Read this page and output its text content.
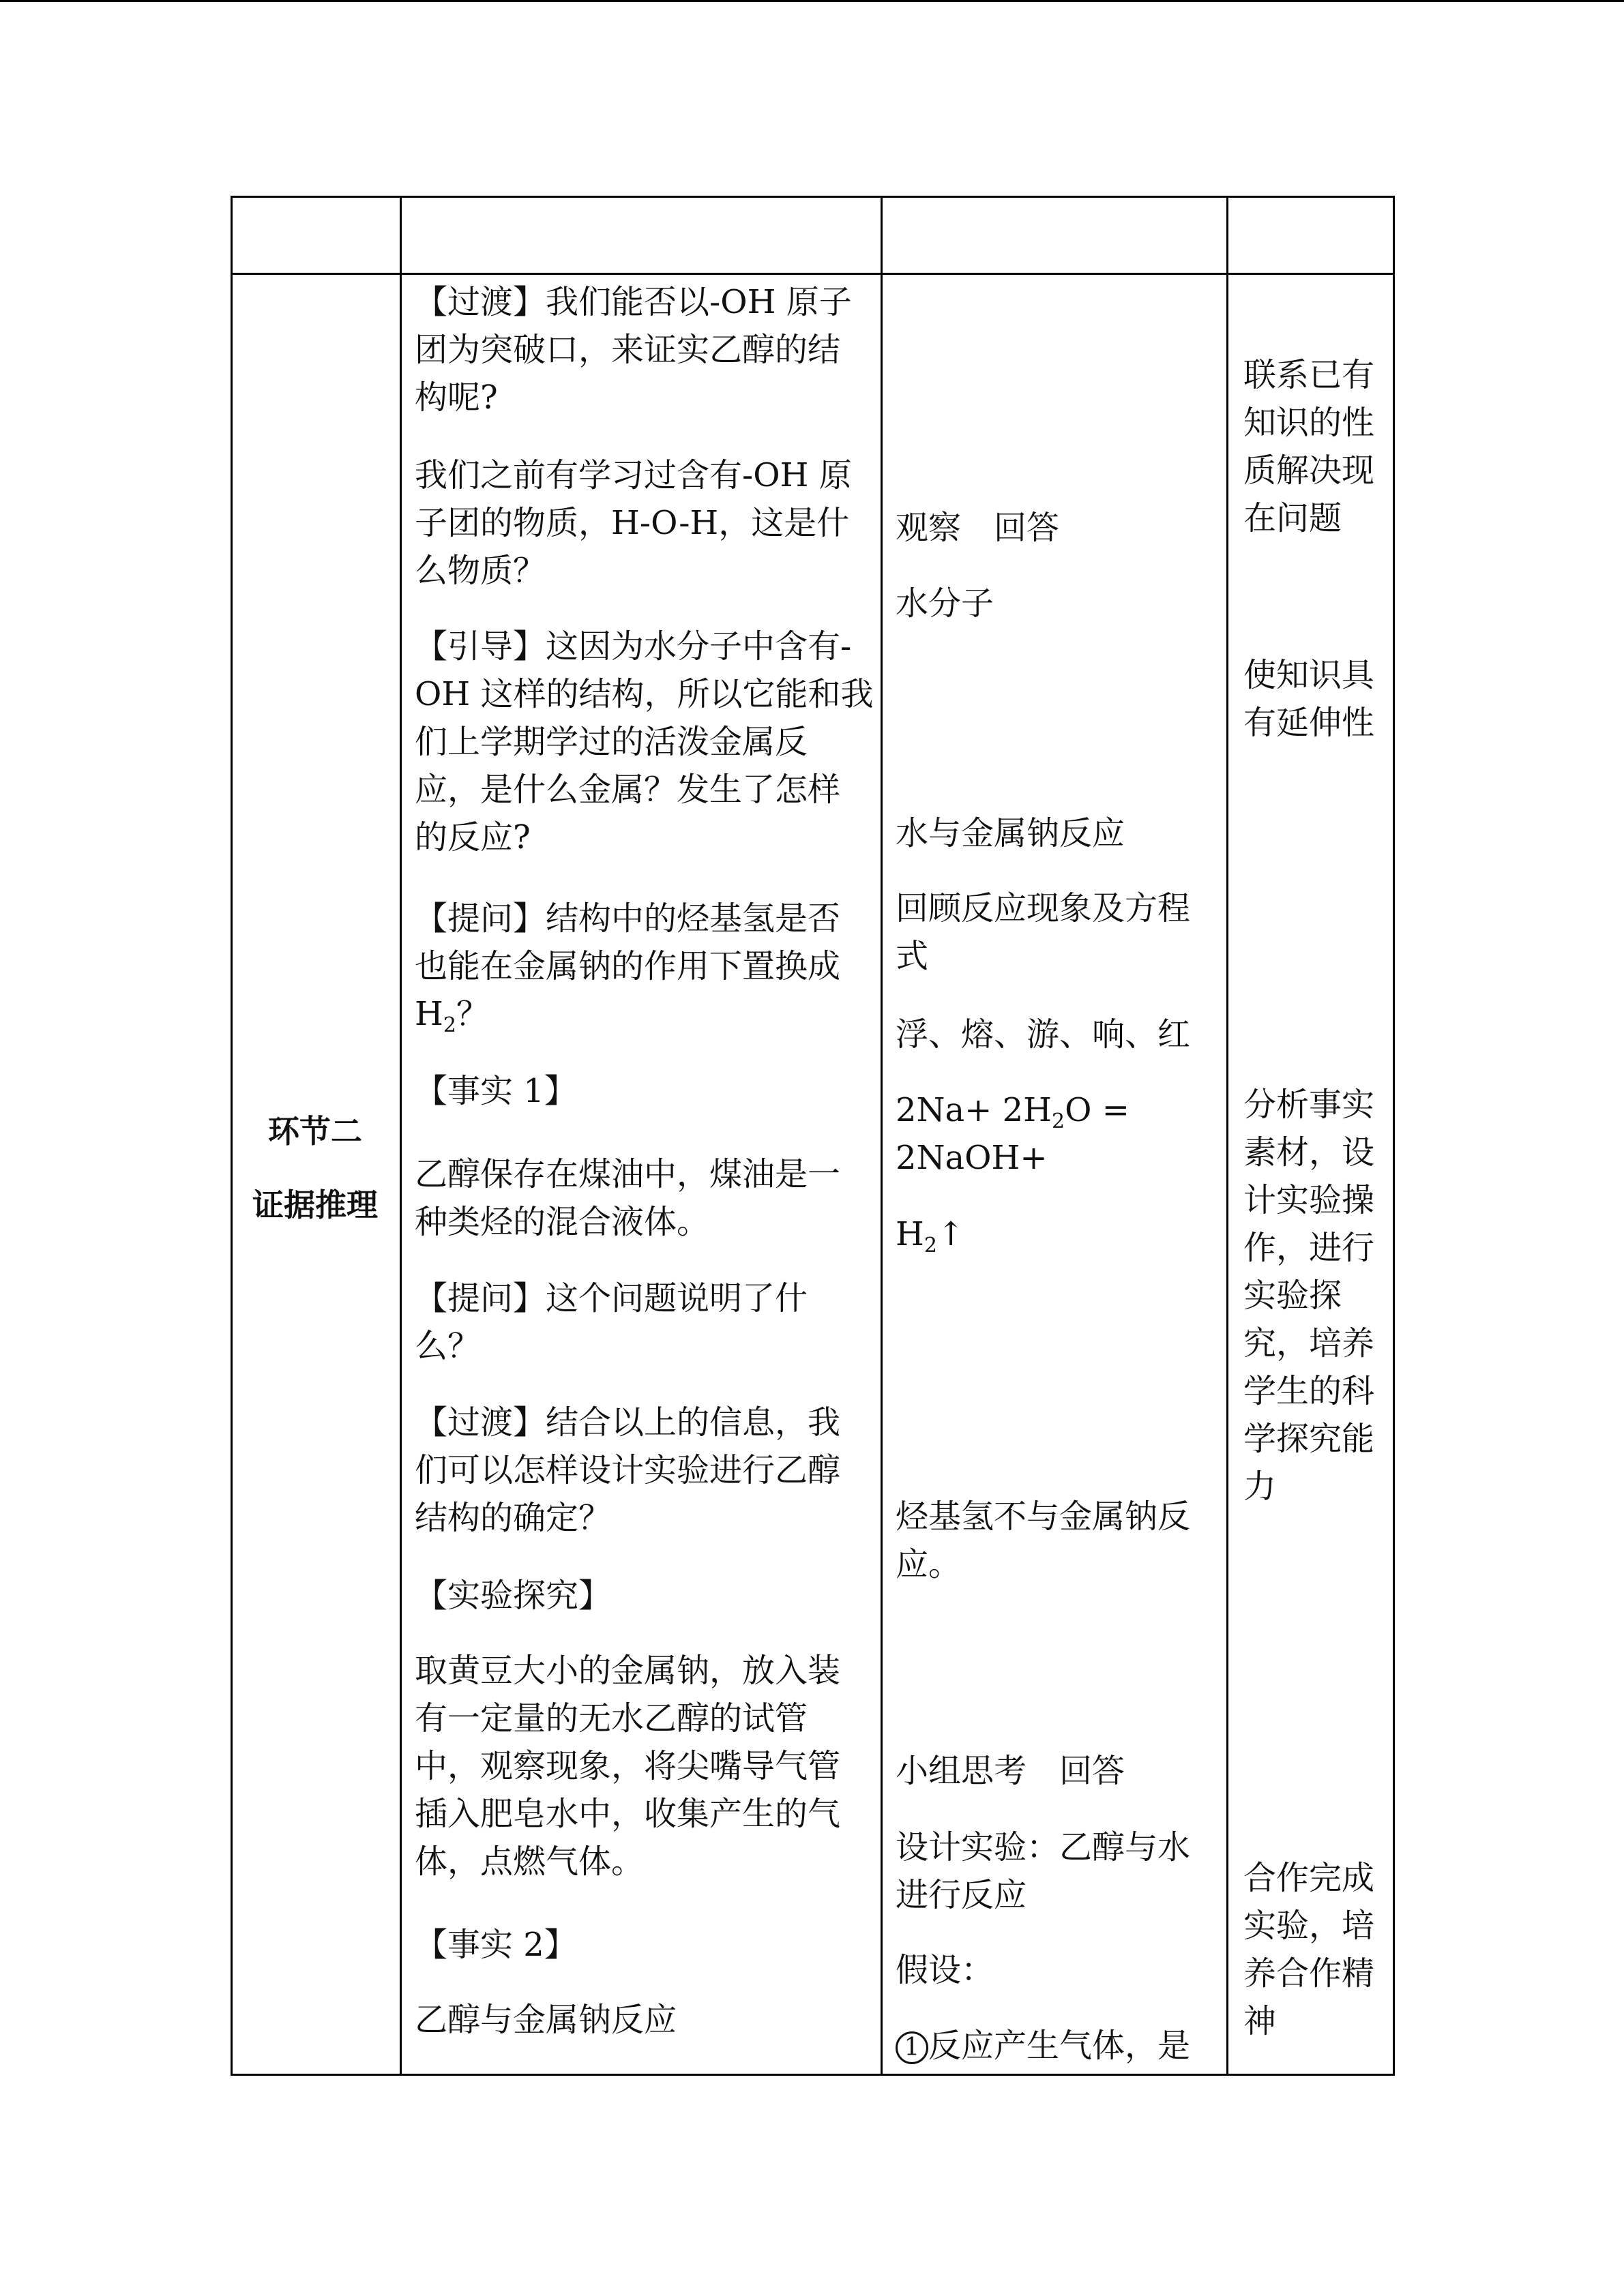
环节二
证据推理

【过渡】我们能否以-OH 原子

团为突破口，来证实乙醇的结

构呢?

我们之前有学习过含有-OH 原

子团的物质，H-O-H，这是什

么物质？

【引导】这因为水分子中含有-

OH 这样的结构，所以它能和我

们上学期学过的活泼金属反

应，是什么金属？发生了怎样

的反应?

【提问】结构中的烃基氢是否

也能在金属钠的作用下置换成

$H_2$？

【事实 1】

乙醇保存在煤油中，煤油是一

种类烃的混合液体。

【提问】这个问题说明了什

么？

【过渡】结合以上的信息，我

们可以怎样设计实验进行乙醇

结构的确定？

【实验探究】

取黄豆大小的金属钠，放入装

有一定量的无水乙醇的试管

中，观察现象，将尖嘴导气管

插入肥皂水中，收集产生的气

体，点燃气体。

【事实 2】

乙醇与金属钠反应

观察　回答

水分子

水与金属钠反应

回顾反应现象及方程

式

浮、熔、游、响、红

$2Na+ 2H_2O$ = 2NaOH+

$H_2↑$

烃基氢不与金属钠反

应。

小组思考　回答

设计实验：乙醇与水

进行反应

假设：

1 反应产生气体，是

联系已有

知识的性

质解决现

在问题

使知识具

有延伸性

分析事实

素材，设

计实验操

作，进行

实验探

究，培养

学生的科

学探究能

力

合作完成

实验，培

养合作精

神
